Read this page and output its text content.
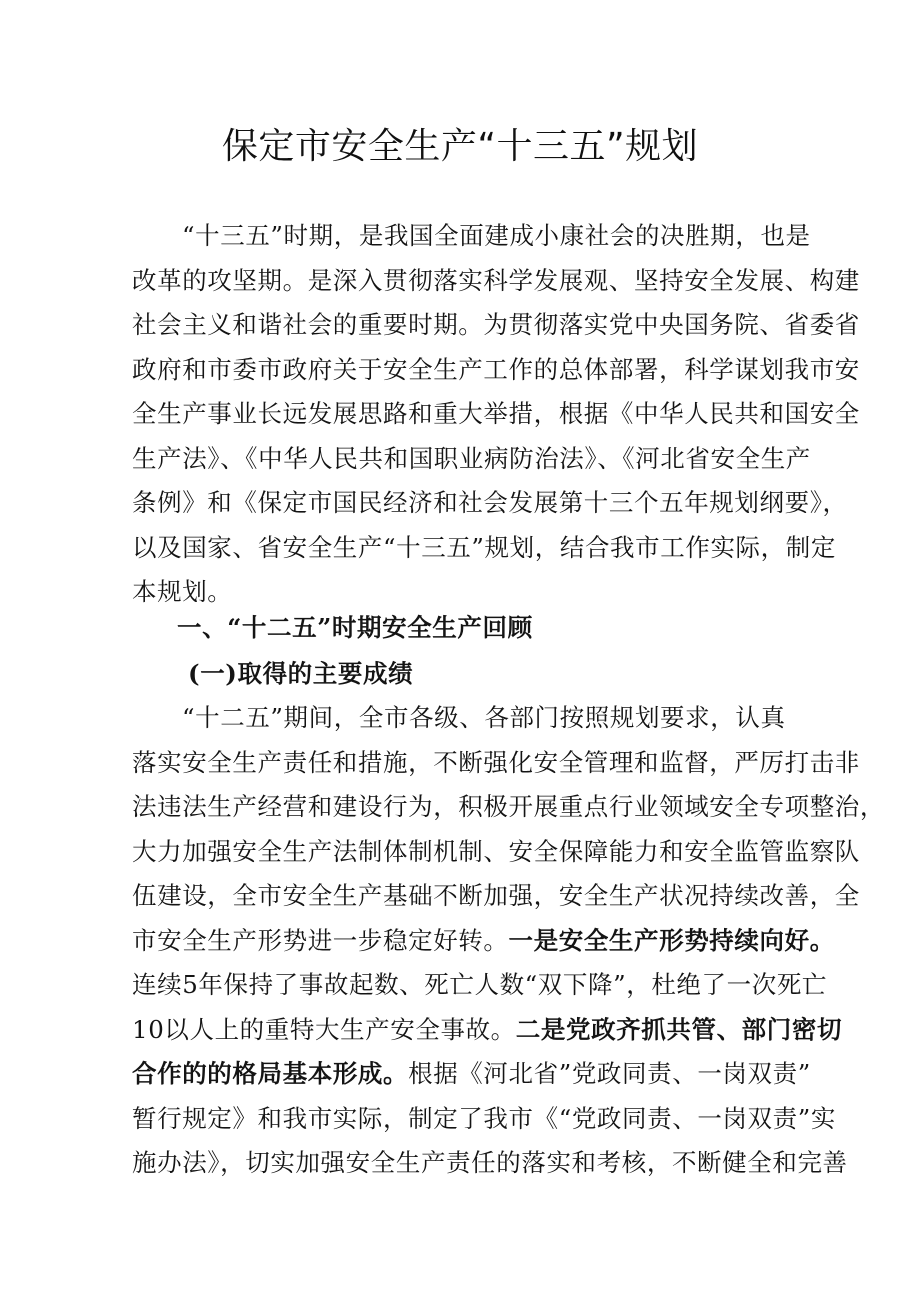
保定市安全生产“十三五”规划
“十三五”时期，是我国全面建成小康社会的决胜期，也是
改革的攻坚期。是深入贯彻落实科学发展观、坚持安全发展、构建
社会主义和谐社会的重要时期。为贯彻落实党中央国务院、省委省
政府和市委市政府关于安全生产工作的总体部署，科学谋划我市安
全生产事业长远发展思路和重大举措，根据《中华人民共和国安全
生产法》、《中华人民共和国职业病防治法》、《河北省安全生产
条例》和《保定市国民经济和社会发展第十三个五年规划纲要》，
以及国家、省安全生产“十三五”规划，结合我市工作实际，制定
本规划。
一、“十二五”时期安全生产回顾
(一)取得的主要成绩
“十二五”期间，全市各级、各部门按照规划要求，认真
落实安全生产责任和措施，不断强化安全管理和监督，严厉打击非
法违法生产经营和建设行为，积极开展重点行业领域安全专项整治，
大力加强安全生产法制体制机制、安全保障能力和安全监管监察队
伍建设，全市安全生产基础不断加强，安全生产状况持续改善，全
市安全生产形势进一步稳定好转。一是安全生产形势持续向好。
连续5年保持了事故起数、死亡人数“双下降”，杜绝了一次死亡
10以人上的重特大生产安全事故。二是党政齐抓共管、部门密切
合作的的格局基本形成。根据《河北省”党政同责、一岗双责”
暂行规定》和我市实际，制定了我市《“党政同责、一岗双责”实
施办法》，切实加强安全生产责任的落实和考核，不断健全和完善
